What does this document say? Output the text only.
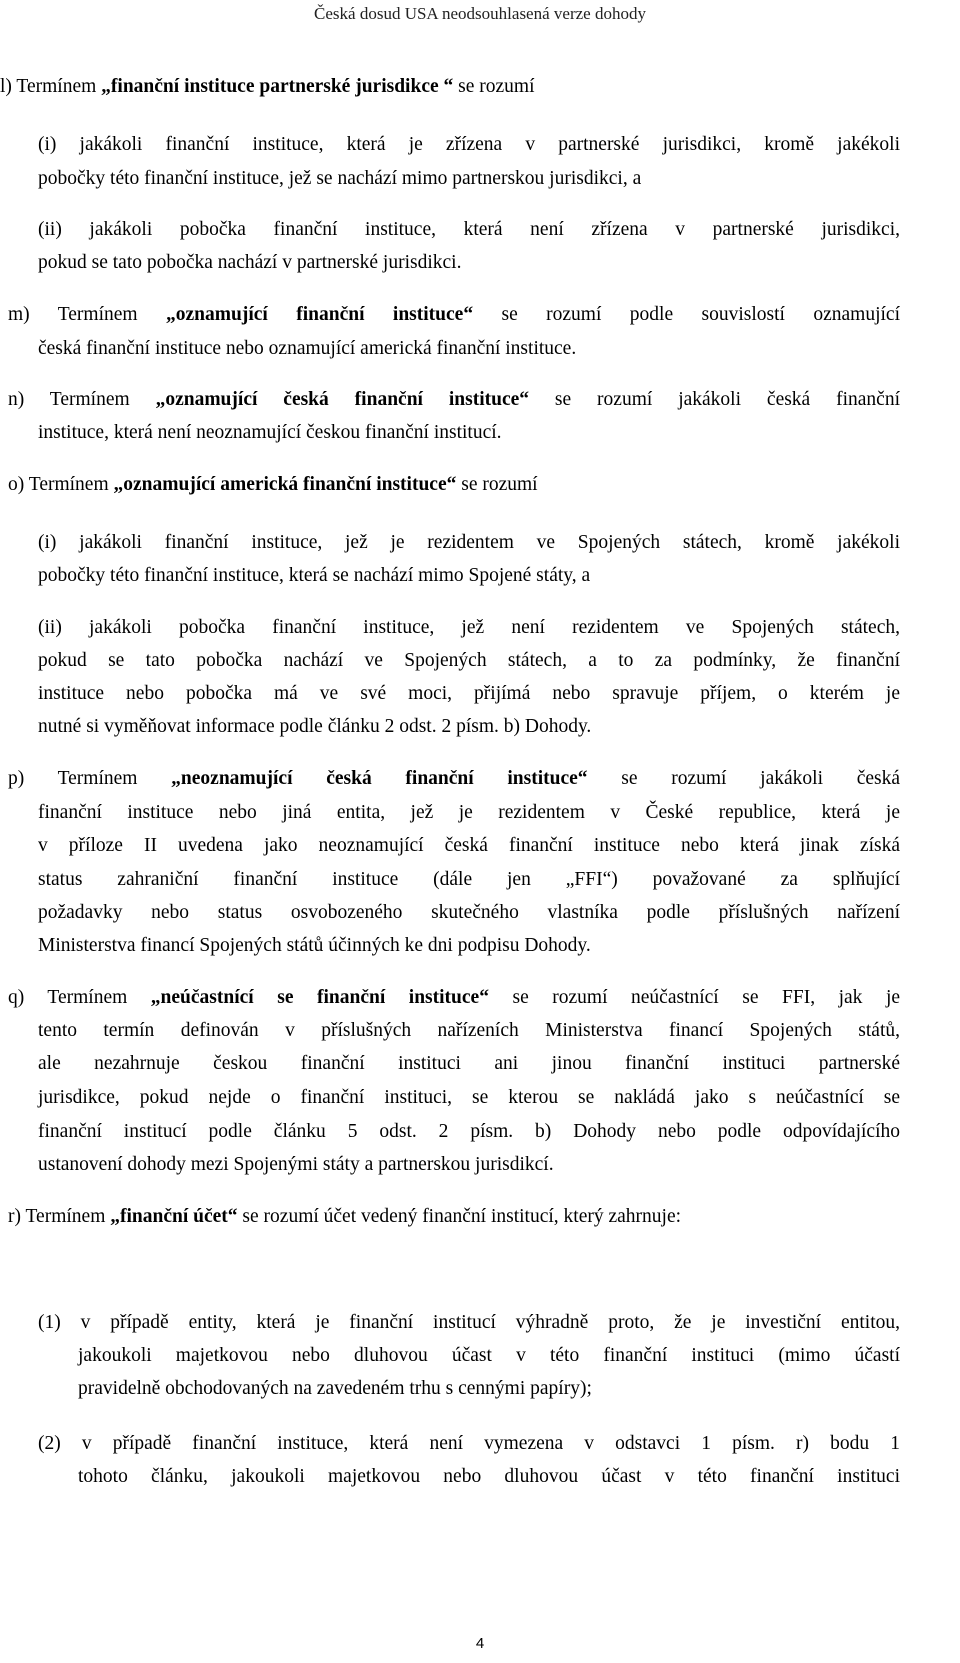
Česká dosud USA neodsouhlasená verze dohody
l) Termínem „finanční instituce partnerské jurisdikce “ se rozumí
(i) jakákoli finanční instituce, která je zřízena v partnerské jurisdikci, kromě jakékoli
pobočky této finanční instituce, jež se nachází mimo partnerskou jurisdikci, a
(ii) jakákoli pobočka finanční instituce, která není zřízena v partnerské jurisdikci,
pokud se tato pobočka nachází v partnerské jurisdikci.
m) Termínem „oznamující finanční instituce“ se rozumí podle souvislostí oznamující
česká finanční instituce nebo oznamující americká finanční instituce.
n) Termínem „oznamující česká finanční instituce“ se rozumí jakákoli česká finanční
instituce, která není neoznamující českou finanční institucí.
o) Termínem „oznamující americká finanční instituce“ se rozumí
(i) jakákoli finanční instituce, jež je rezidentem ve Spojených státech, kromě jakékoli
pobočky této finanční instituce, která se nachází mimo Spojené státy, a
(ii) jakákoli pobočka finanční instituce, jež není rezidentem ve Spojených státech,
pokud se tato pobočka nachází ve Spojených státech, a to za podmínky, že finanční
instituce nebo pobočka má ve své moci, přijímá nebo spravuje příjem, o kterém je
nutné si vyměňovat informace podle článku 2 odst. 2 písm. b) Dohody.
p) Termínem „neoznamující česká finanční instituce“ se rozumí jakákoli česká
finanční instituce nebo jiná entita, jež je rezidentem v České republice, která je
v příloze II uvedena jako neoznamující česká finanční instituce nebo která jinak získá
status zahraniční finanční instituce (dále jen „FFI“) považované za splňující
požadavky nebo status osvobozeného skutečného vlastníka podle příslušných nařízení
Ministerstva financí Spojených států účinných ke dni podpisu Dohody.
q) Termínem „neúčastnící se finanční instituce“ se rozumí neúčastnící se FFI, jak je
tento termín definován v příslušných nařízeních Ministerstva financí Spojených států,
ale nezahrnuje českou finanční instituci ani jinou finanční instituci partnerské
jurisdikce, pokud nejde o finanční instituci, se kterou se nakládá jako s neúčastnící se
finanční institucí podle článku 5 odst. 2 písm. b) Dohody nebo podle odpovídajícího
ustanovení dohody mezi Spojenými státy a partnerskou jurisdikcí.
r) Termínem „finanční účet“ se rozumí účet vedený finanční institucí, který zahrnuje:
(1) v případě entity, která je finanční institucí výhradně proto, že je investiční entitou,
jakoukoli majetkovou nebo dluhovou účast v této finanční instituci (mimo účastí
pravidelně obchodovaných na zavedeném trhu s cennými papíry);
(2) v případě finanční instituce, která není vymezena v odstavci 1 písm. r) bodu 1
tohoto článku, jakoukoli majetkovou nebo dluhovou účast v této finanční instituci
4
